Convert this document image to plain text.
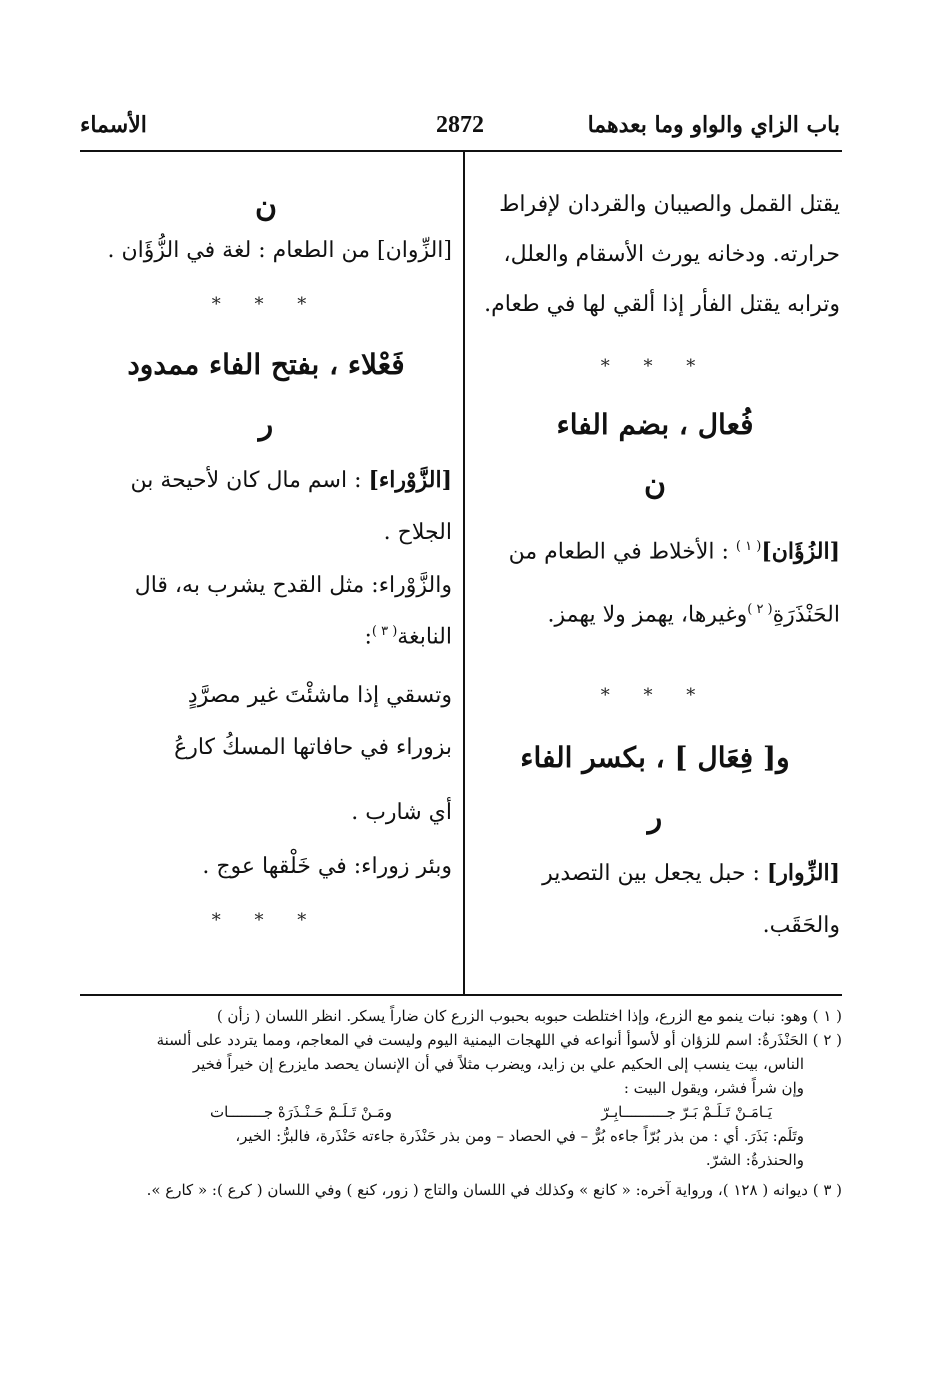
باب الزاي والواو وما بعدهما
2872
الأسماء

يقتل القمل والصيبان والقردان لإفراط
حرارته. ودخانه يورث الأسقام والعلل،
وترابه يقتل الفأر إذا ألقي لها في طعام.

* * *
فُعال ، بضم الفاء
ن

[الزُؤَان]$^{( ١ )}$ : الأخلاط في الطعام من
الحَنْذَرَةِ$^{( ٢ )}$وغيرها، يهمز ولا يهمز.

* * *
و[ فِعَال ] ، بكسر الفاء
ر

[الزِّوار] : حبل يجعل بين التصدير
والحَقَب.

ن

[الزِّوان] من الطعام : لغة في الزُّؤَان .

* * *
فَعْلاء ، بفتح الفاء ممدود
ر

[الزَّوْراء] : اسم مال كان لأحيحة بن
الجلاح .

والزَّوْراء: مثل القدح يشرب به، قال
النابغة$^{( ٣ )}$:

وتسقي إذا ماشئْتَ غير مصرَّدٍ
بزوراء في حافاتها المسكُ كارعُ

أي شارب .

وبئر زوراء: في خَلْقها عوج .

* * *

( ١ ) وهو: نبات ينمو مع الزرع، وإذا اختلطت حبوبه بحبوب الزرع كان ضاراً يسكر. انظر اللسان ( زأن )

( ٢ ) الحَنْذَرةُ: اسم للزؤان أو لأسوأ أنواعه في اللهجات اليمنية اليوم وليست في المعاجم، ومما يتردد على ألسنة

الناس، بيت ينسب إلى الحكيم علي بن زايد، ويضرب مثلاً في أن الإنسان يحصد مايزرع إن خيراً فخير

وإن شراً فشر، ويقول البيت :

يَـامَـنْ تَـلَـمْ بَـرّ جــــــــــابِـرّ
ومَـنْ تَـلَـمْ حَـنْـذَرَهْ جــــــــات

وتَلَم: بَذَرَ. أي : من بذر بُرّاً جاءه بُرٌّ – في الحصاد – ومن بذر حَنْذَرة جاءته حَنْذَرة، فالبرُّ: الخير،

والحنذرةُ: الشرّ.

( ٣ ) ديوانه ( ١٢٨ )، ورواية آخره: « كانع » وكذلك في اللسان والتاج ( زور، كنع ) وفي اللسان ( كرع ): « كارع ».
